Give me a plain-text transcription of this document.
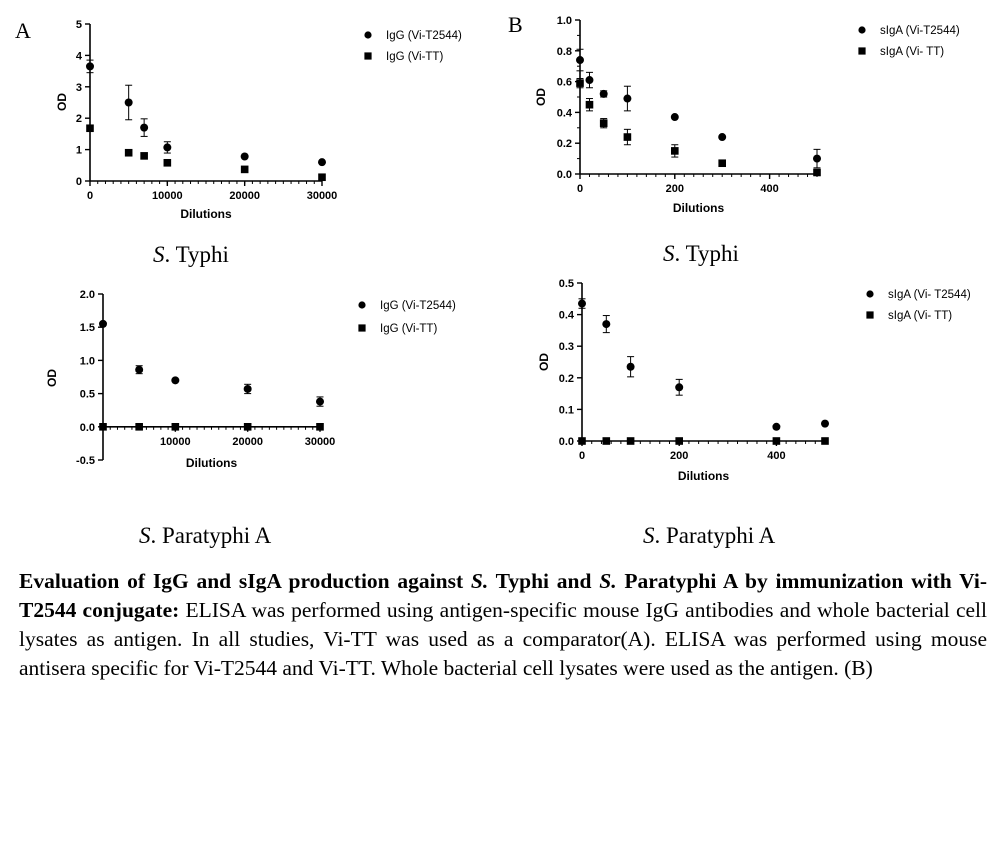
A	B
0	10000	20000	30000
0
1
2
3
4
5
Dilutions
OD
IgG (Vi-T2544)
IgG (Vi-TT)
0	200	400
0.0
0.2
0.4
0.6
0.8
1.0
Dilutions
OD
sIgA (Vi-T2544)
sIgA (Vi- TT)
10000	20000	30000
-0.5
0.0
0.5
1.0
1.5
2.0
Dilutions
OD
IgG (Vi-T2544)
IgG (Vi-TT)
0	200	400
0.0
0.1
0.2
0.3
0.4
0.5
Dilutions
OD
sIgA (Vi- T2544)
sIgA (Vi- TT)
S. Typhi	S. Typhi
S. Paratyphi A	S. Paratyphi A
Evaluation of IgG and sIgA production against S. Typhi and S. Paratyphi A by immunization with Vi-T2544 conjugate: ELISA was performed using antigen-specific mouse IgG antibodies and whole bacterial cell lysates as antigen. In all studies, Vi-TT was used as a comparator(A). ELISA was performed using mouse antisera specific for Vi-T2544 and Vi-TT. Whole bacterial cell lysates were used as the antigen. (B)
